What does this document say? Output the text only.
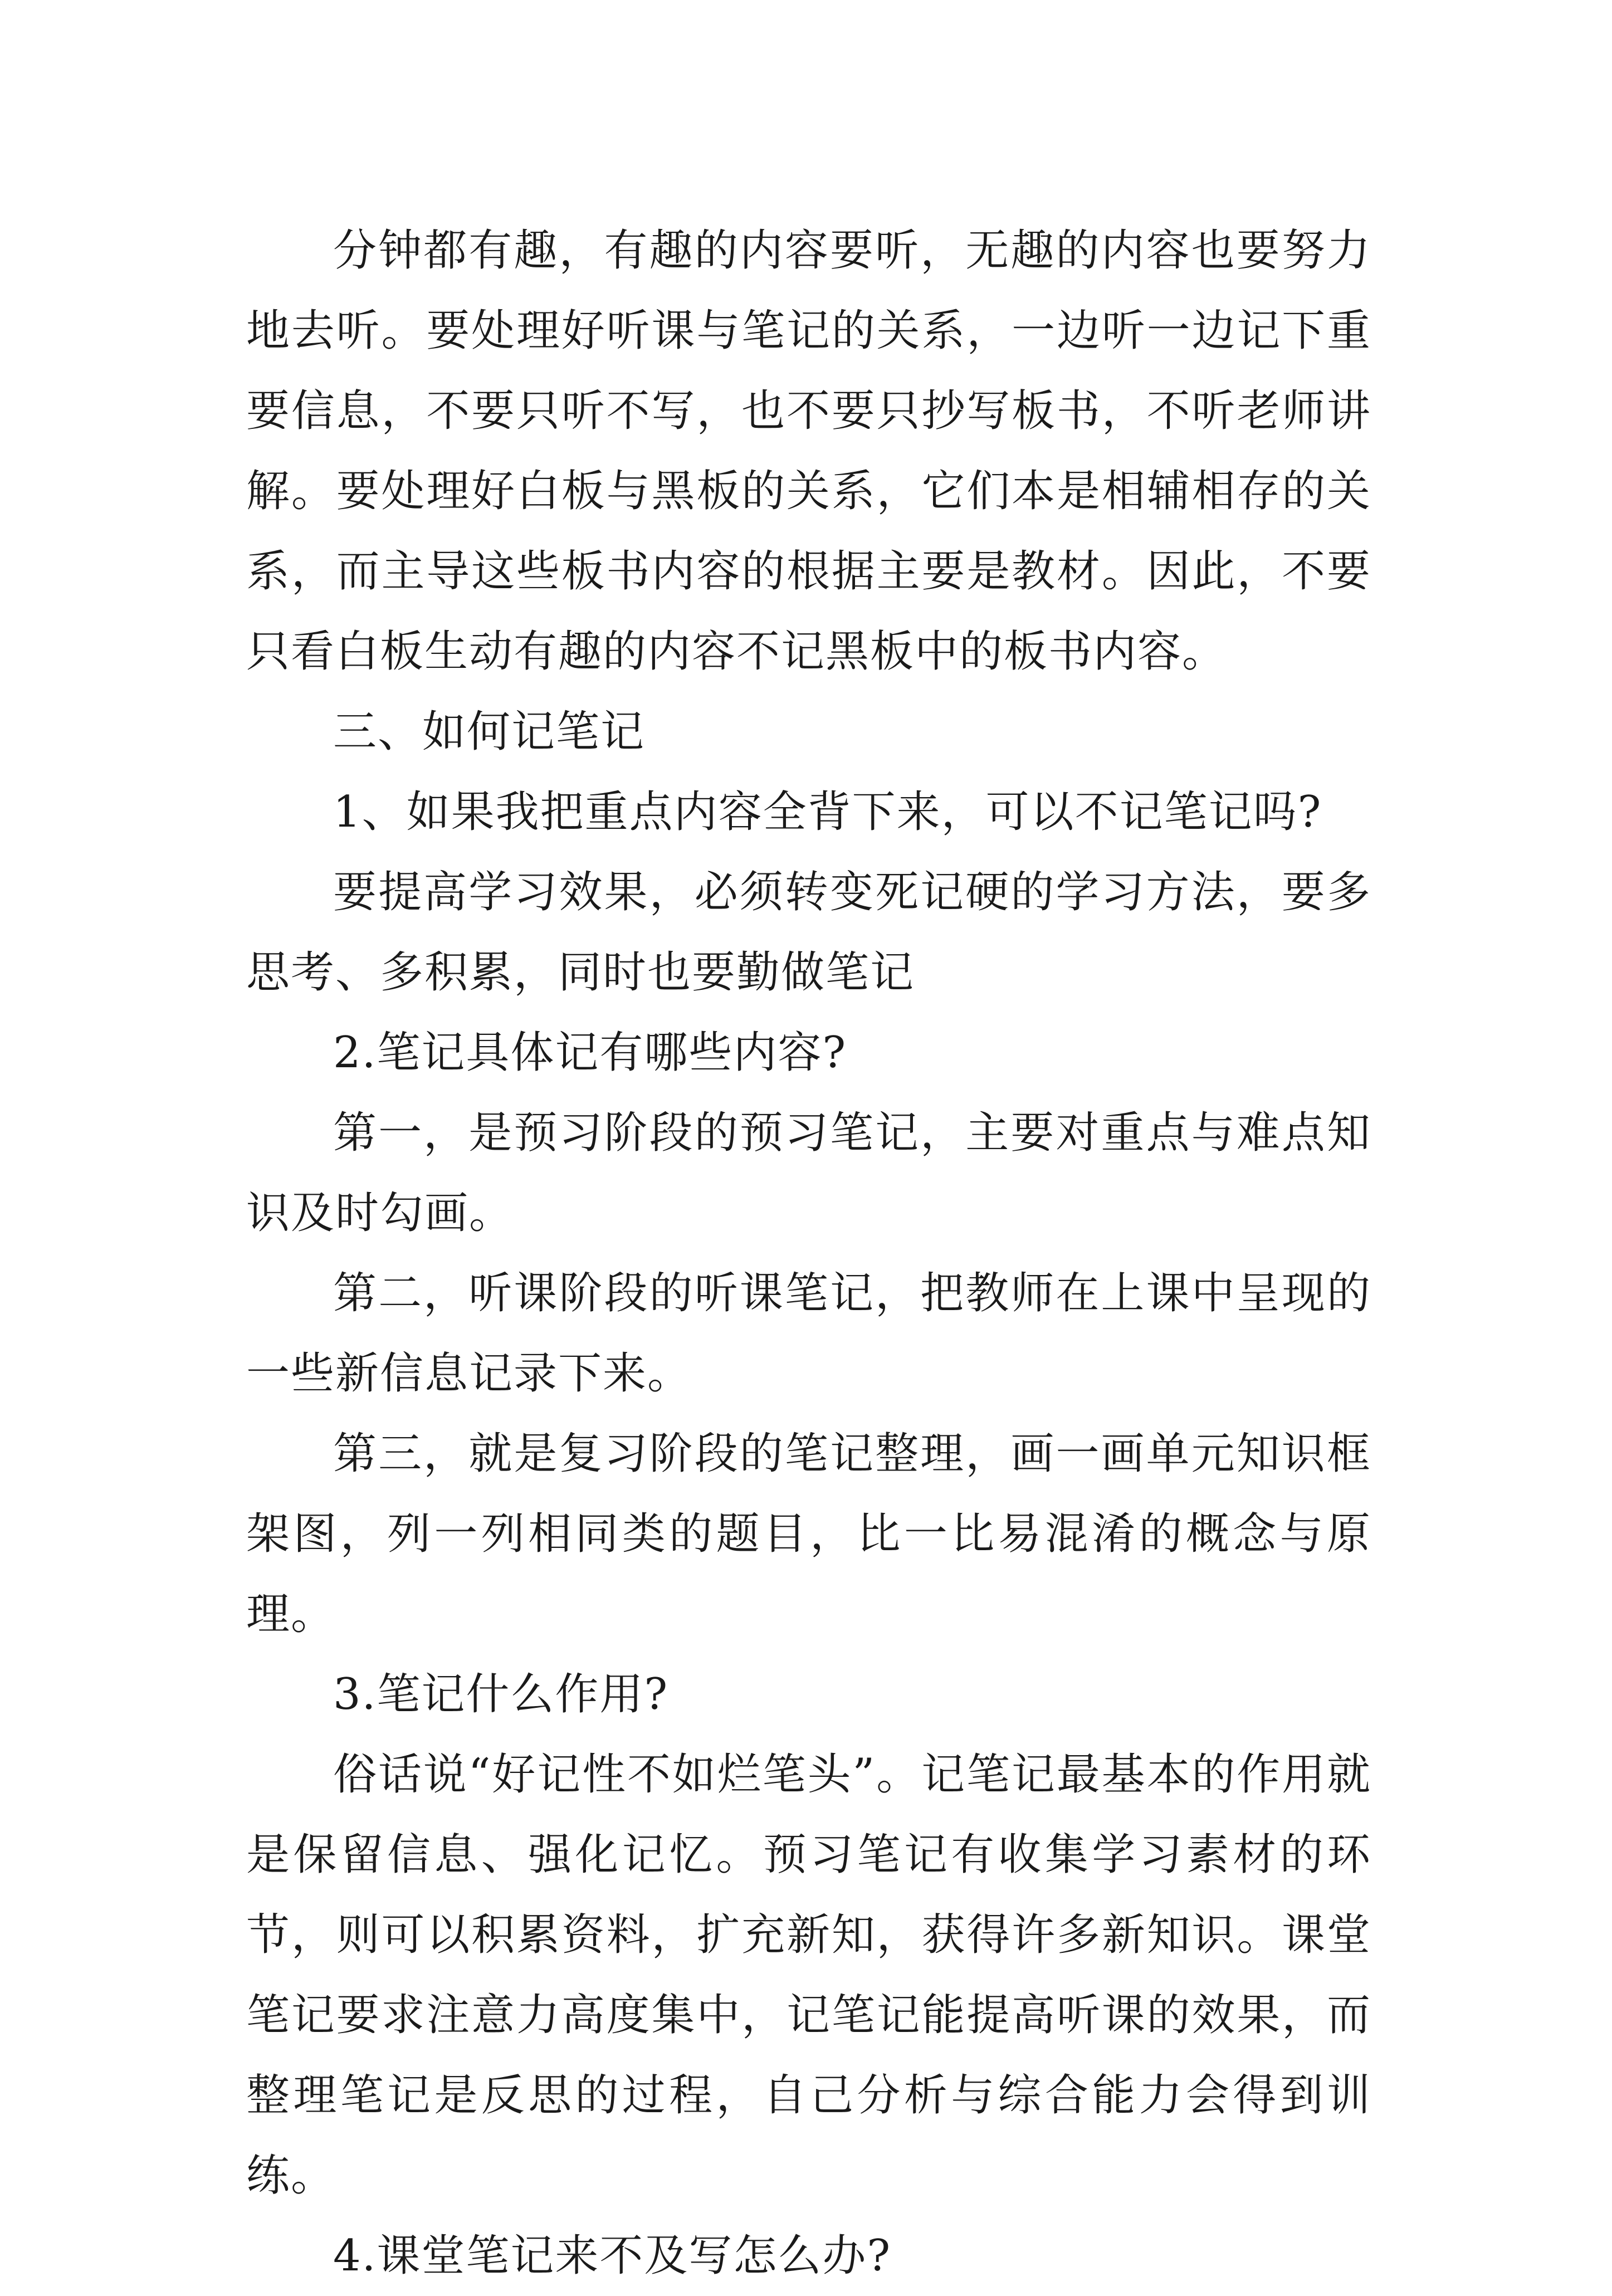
分钟都有趣，有趣的内容要听，无趣的内容也要努力地去听。要处理好听课与笔记的关系，一边听一边记下重要信息，不要只听不写，也不要只抄写板书，不听老师讲解。要处理好白板与黑板的关系，它们本是相辅相存的关系，而主导这些板书内容的根据主要是教材。因此，不要只看白板生动有趣的内容不记黑板中的板书内容。

三、如何记笔记

1、如果我把重点内容全背下来，可以不记笔记吗?

要提高学习效果，必须转变死记硬的学习方法，要多思考、多积累，同时也要勤做笔记

2.笔记具体记有哪些内容?

第一，是预习阶段的预习笔记，主要对重点与难点知识及时勾画。

第二，听课阶段的听课笔记，把教师在上课中呈现的一些新信息记录下来。

第三，就是复习阶段的笔记整理，画一画单元知识框架图，列一列相同类的题目，比一比易混淆的概念与原理。

3.笔记什么作用?

俗话说“好记性不如烂笔头”。记笔记最基本的作用就是保留信息、强化记忆。预习笔记有收集学习素材的环节，则可以积累资料，扩充新知，获得许多新知识。课堂笔记要求注意力高度集中，记笔记能提高听课的效果，而整理笔记是反思的过程，自己分析与综合能力会得到训练。

4.课堂笔记来不及写怎么办?
